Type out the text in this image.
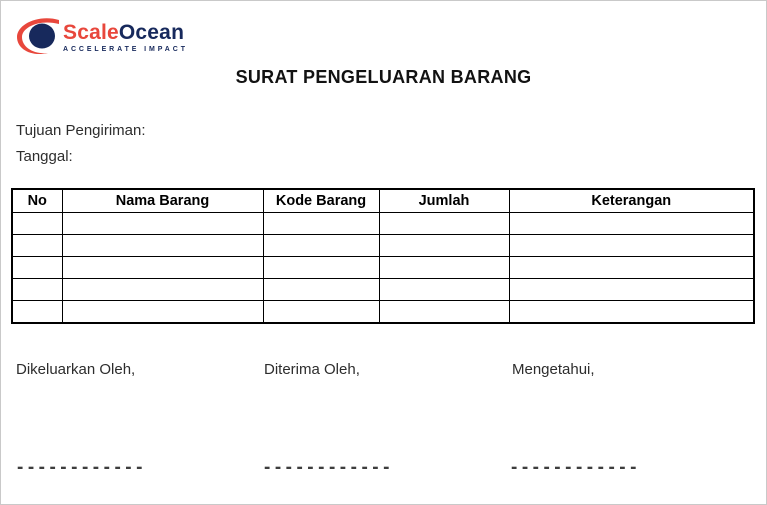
ScaleOcean
ACCELERATE IMPACT
SURAT PENGELUARAN BARANG
Tujuan Pengiriman:
Tanggal:
No	Nama Barang	Kode Barang	Jumlah	Keterangan

Dikeluarkan Oleh,	Diterima Oleh,	Mengetahui,
------------	------------	------------
